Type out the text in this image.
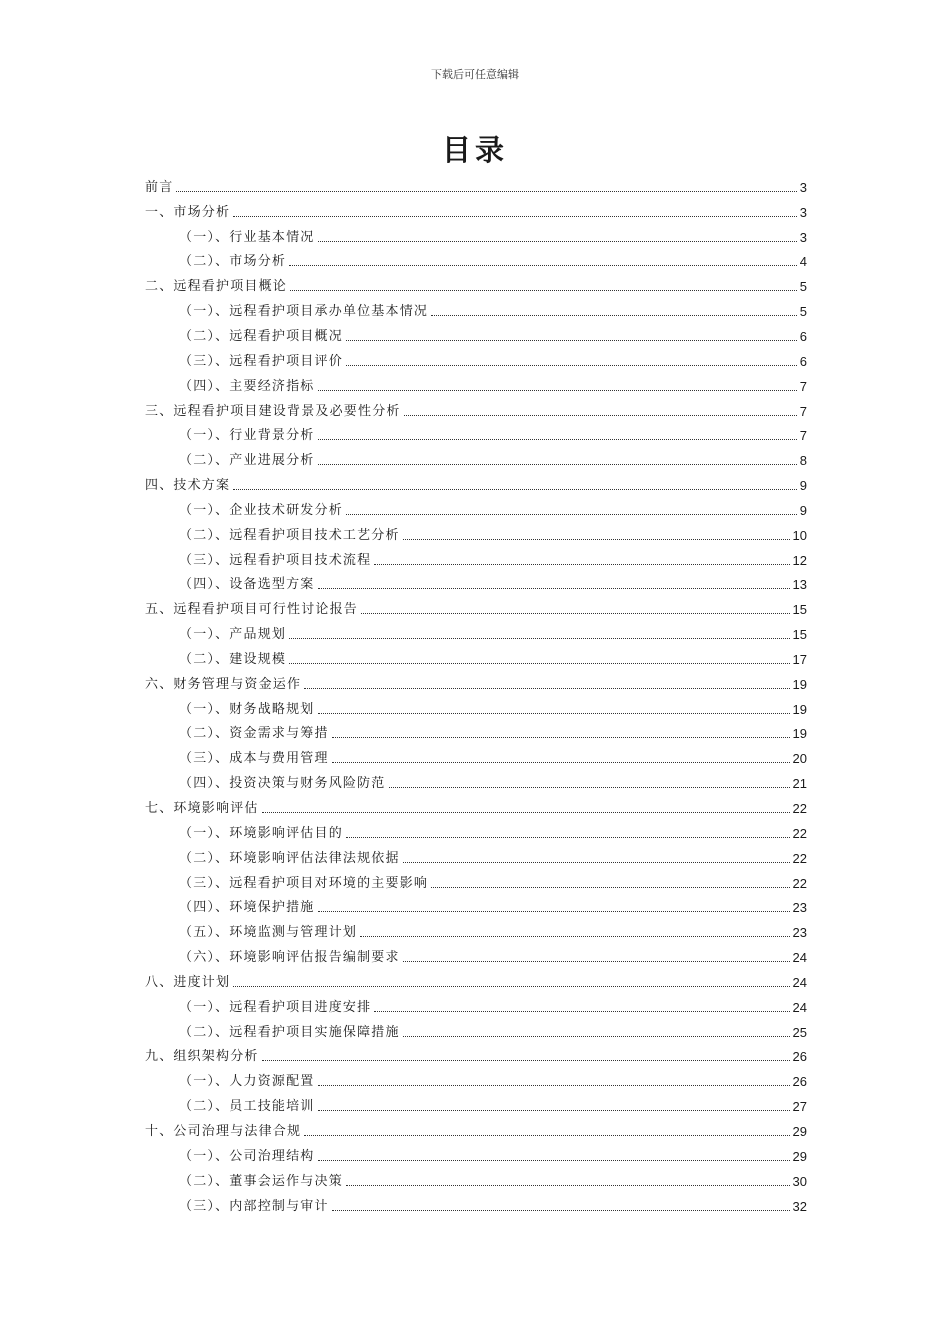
下载后可任意编辑
目录
前言	3
一、市场分析	3
（一）、行业基本情况	3
（二）、市场分析	4
二、远程看护项目概论	5
（一）、远程看护项目承办单位基本情况	5
（二）、远程看护项目概况	6
（三）、远程看护项目评价	6
（四）、主要经济指标	7
三、远程看护项目建设背景及必要性分析	7
（一）、行业背景分析	7
（二）、产业进展分析	8
四、技术方案	9
（一）、企业技术研发分析	9
（二）、远程看护项目技术工艺分析	10
（三）、远程看护项目技术流程	12
（四）、设备选型方案	13
五、远程看护项目可行性讨论报告	15
（一）、产品规划	15
（二）、建设规模	17
六、财务管理与资金运作	19
（一）、财务战略规划	19
（二）、资金需求与筹措	19
（三）、成本与费用管理	20
（四）、投资决策与财务风险防范	21
七、环境影响评估	22
（一）、环境影响评估目的	22
（二）、环境影响评估法律法规依据	22
（三）、远程看护项目对环境的主要影响	22
（四）、环境保护措施	23
（五）、环境监测与管理计划	23
（六）、环境影响评估报告编制要求	24
八、进度计划	24
（一）、远程看护项目进度安排	24
（二）、远程看护项目实施保障措施	25
九、组织架构分析	26
（一）、人力资源配置	26
（二）、员工技能培训	27
十、公司治理与法律合规	29
（一）、公司治理结构	29
（二）、董事会运作与决策	30
（三）、内部控制与审计	32
